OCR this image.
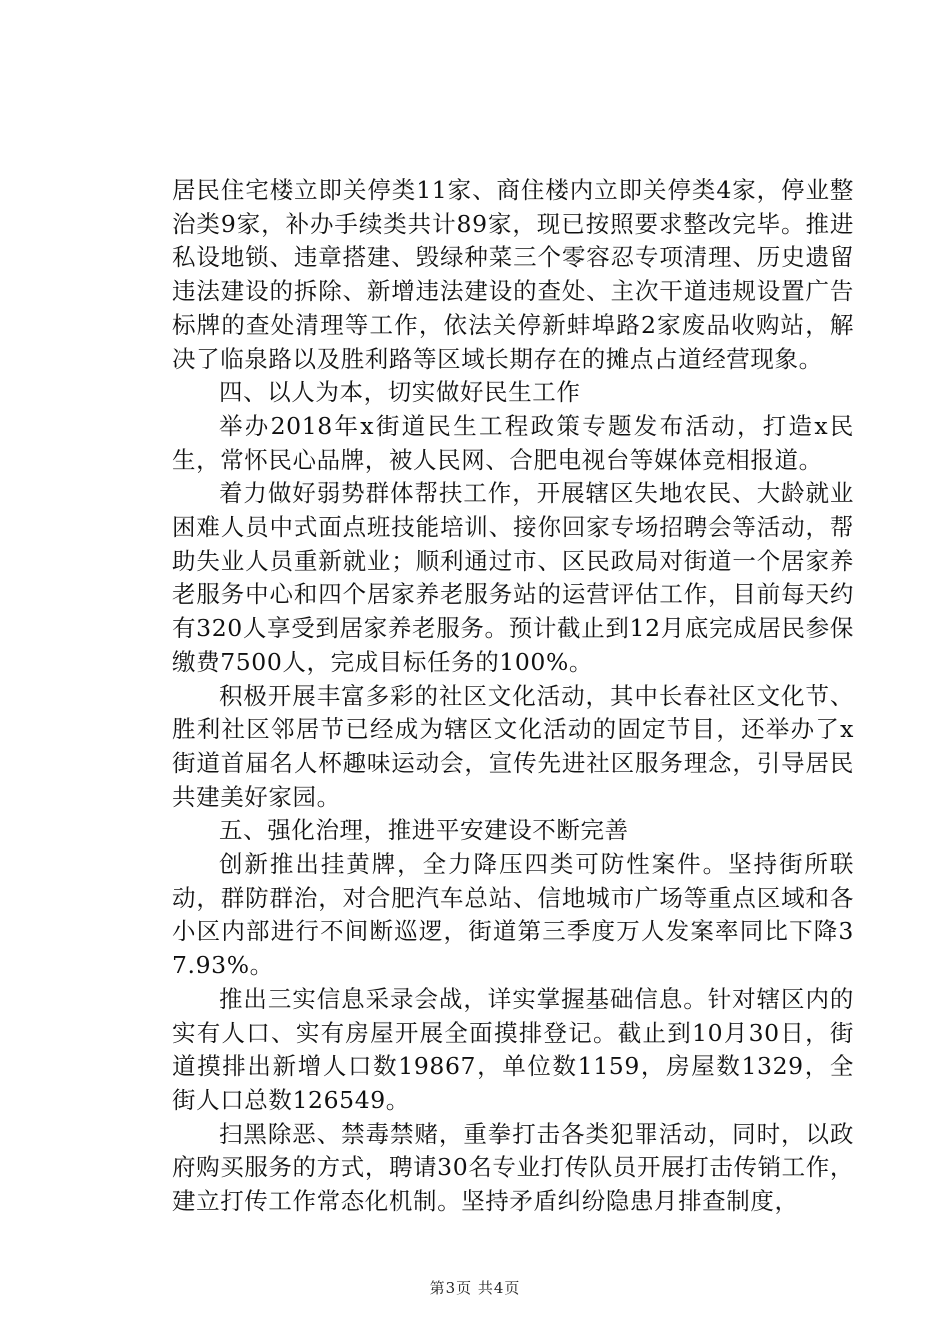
居民住宅楼立即关停类11家、商住楼内立即关停类4家，停业整治类9家，补办手续类共计89家，现已按照要求整改完毕。推进私设地锁、违章搭建、毁绿种菜三个零容忍专项清理、历史遗留违法建设的拆除、新增违法建设的查处、主次干道违规设置广告标牌的查处清理等工作，依法关停新蚌埠路2家废品收购站，解决了临泉路以及胜利路等区域长期存在的摊点占道经营现象。

四、以人为本，切实做好民生工作

举办2018年x街道民生工程政策专题发布活动，打造x民生，常怀民心品牌，被人民网、合肥电视台等媒体竞相报道。

着力做好弱势群体帮扶工作，开展辖区失地农民、大龄就业困难人员中式面点班技能培训、接你回家专场招聘会等活动，帮助失业人员重新就业；顺利通过市、区民政局对街道一个居家养老服务中心和四个居家养老服务站的运营评估工作，目前每天约有320人享受到居家养老服务。预计截止到12月底完成居民参保缴费7500人，完成目标任务的100%。

积极开展丰富多彩的社区文化活动，其中长春社区文化节、胜利社区邻居节已经成为辖区文化活动的固定节目，还举办了x街道首届名人杯趣味运动会，宣传先进社区服务理念，引导居民共建美好家园。

五、强化治理，推进平安建设不断完善

创新推出挂黄牌，全力降压四类可防性案件。坚持街所联动，群防群治，对合肥汽车总站、信地城市广场等重点区域和各小区内部进行不间断巡逻，街道第三季度万人发案率同比下降37.93%。

推出三实信息采录会战，详实掌握基础信息。针对辖区内的实有人口、实有房屋开展全面摸排登记。截止到10月30日，街道摸排出新增人口数19867，单位数1159，房屋数1329，全街人口总数126549。

扫黑除恶、禁毒禁赌，重拳打击各类犯罪活动，同时，以政府购买服务的方式，聘请30名专业打传队员开展打击传销工作，建立打传工作常态化机制。坚持矛盾纠纷隐患月排查制度，

第3页 共4页
